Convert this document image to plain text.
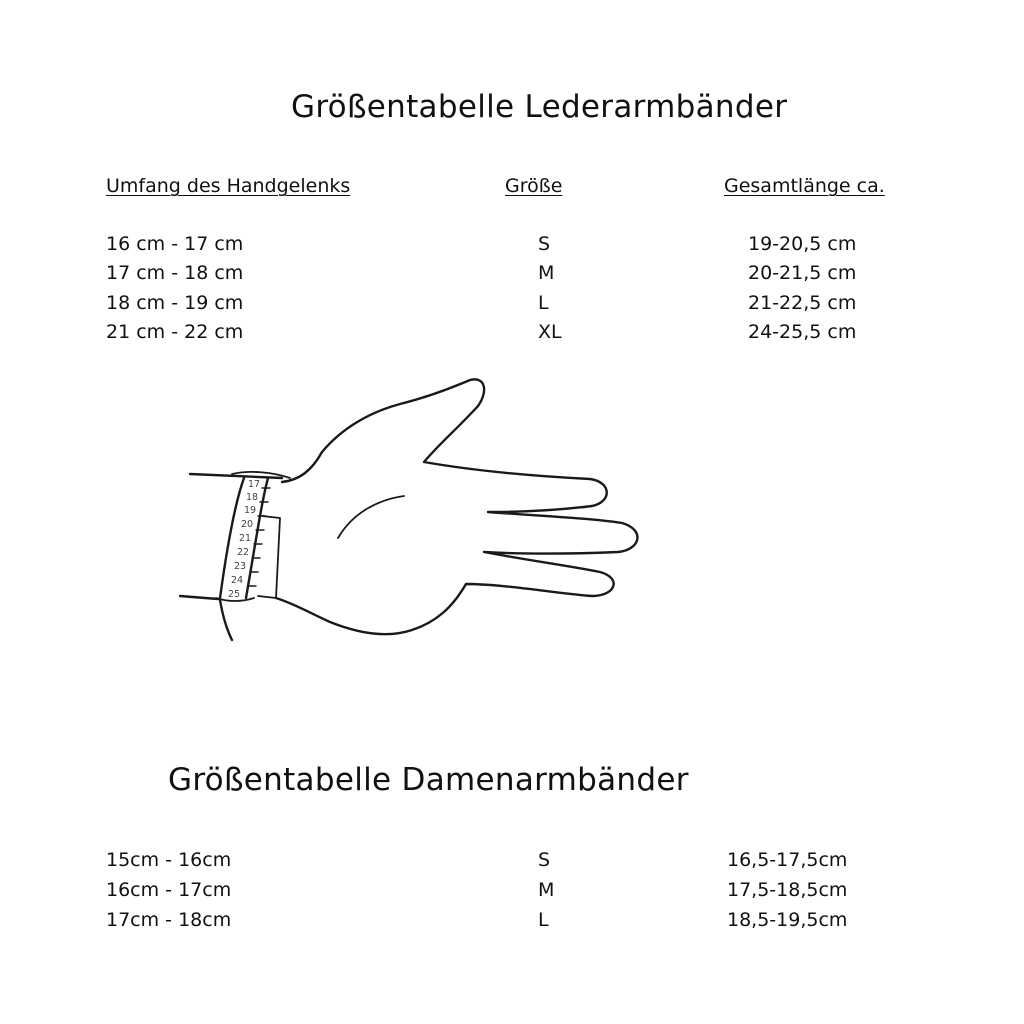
Größentabelle Lederarmbänder
Umfang des Handgelenks	Größe	Gesamtlänge ca.
16 cm - 17 cm	S	19-20,5 cm
17 cm - 18 cm	M	20-21,5 cm
18 cm - 19 cm	L	21-22,5 cm
21 cm - 22 cm	XL	24-25,5 cm
17
18
19
20
21
22
23
24
25
Größentabelle Damenarmbänder
15cm - 16cm	S	16,5-17,5cm
16cm - 17cm	M	17,5-18,5cm
17cm - 18cm	L	18,5-19,5cm
